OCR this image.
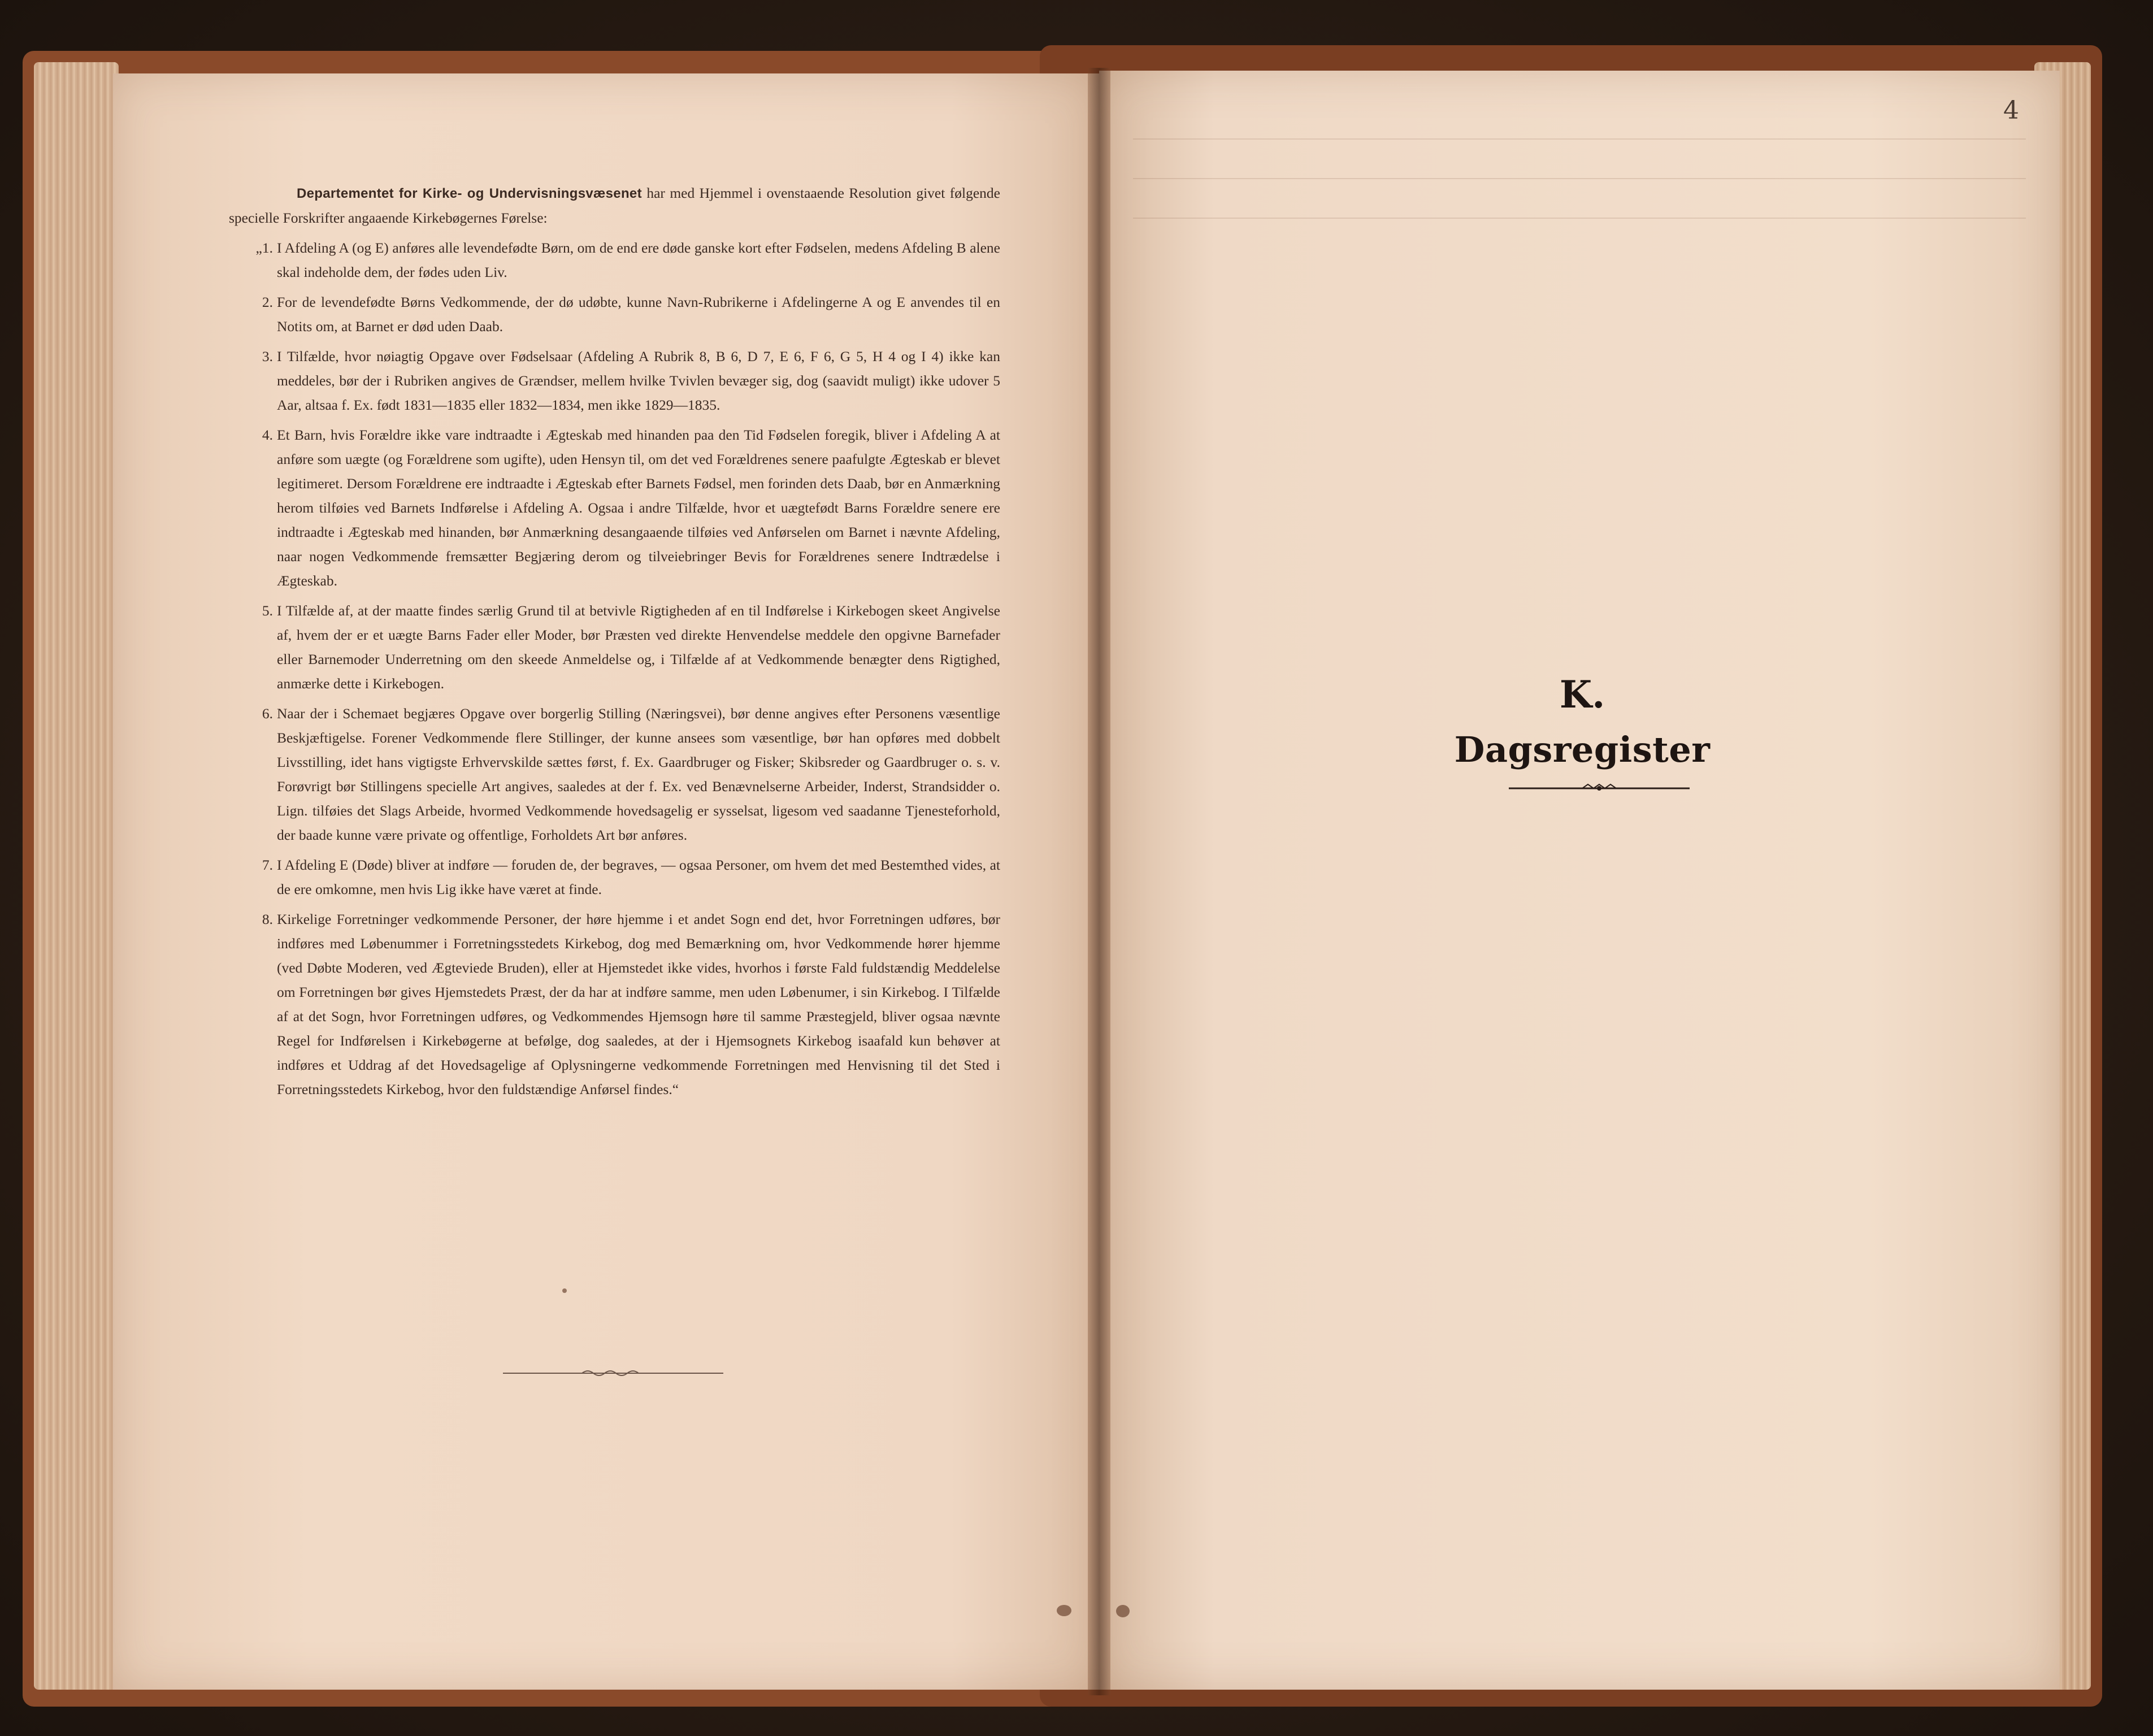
Departementet for Kirke- og Undervisningsvæsenet har med Hjemmel i ovenstaaende Resolution givet følgende specielle Forskrifter angaaende Kirkebøgernes Førelse:

„1. I Afdeling A (og E) anføres alle levendefødte Børn, om de end ere døde ganske kort efter Fødselen, medens Afdeling B alene skal indeholde dem, der fødes uden Liv.

2. For de levendefødte Børns Vedkommende, der dø udøbte, kunne Navn-Rubrikerne i Afdelingerne A og E anvendes til en Notits om, at Barnet er død uden Daab.

3. I Tilfælde, hvor nøiagtig Opgave over Fødselsaar (Afdeling A Rubrik 8, B 6, D 7, E 6, F 6, G 5, H 4 og I 4) ikke kan meddeles, bør der i Rubriken angives de Grændser, mellem hvilke Tvivlen bevæger sig, dog (saavidt muligt) ikke udover 5 Aar, altsaa f. Ex. født 1831—1835 eller 1832—1834, men ikke 1829—1835.

4. Et Barn, hvis Forældre ikke vare indtraadte i Ægteskab med hinanden paa den Tid Fødselen foregik, bliver i Afdeling A at anføre som uægte (og Forældrene som ugifte), uden Hensyn til, om det ved Forældrenes senere paafulgte Ægteskab er blevet legitimeret. Dersom Forældrene ere indtraadte i Ægteskab efter Barnets Fødsel, men forinden dets Daab, bør en Anmærkning herom tilføies ved Barnets Indførelse i Afdeling A. Ogsaa i andre Tilfælde, hvor et uægtefødt Barns Forældre senere ere indtraadte i Ægteskab med hinanden, bør Anmærkning desangaaende tilføies ved Anførselen om Barnet i nævnte Afdeling, naar nogen Vedkommende fremsætter Begjæring derom og tilveiebringer Bevis for Forældrenes senere Indtrædelse i Ægteskab.

5. I Tilfælde af, at der maatte findes særlig Grund til at betvivle Rigtigheden af en til Indførelse i Kirkebogen skeet Angivelse af, hvem der er et uægte Barns Fader eller Moder, bør Præsten ved direkte Henvendelse meddele den opgivne Barnefader eller Barnemoder Underretning om den skeede Anmeldelse og, i Tilfælde af at Vedkommende benægter dens Rigtighed, anmærke dette i Kirkebogen.

6. Naar der i Schemaet begjæres Opgave over borgerlig Stilling (Næringsvei), bør denne angives efter Personens væsentlige Beskjæftigelse. Forener Vedkommende flere Stillinger, der kunne ansees som væsentlige, bør han opføres med dobbelt Livsstilling, idet hans vigtigste Erhvervskilde sættes først, f. Ex. Gaardbruger og Fisker; Skibsreder og Gaardbruger o. s. v. Forøvrigt bør Stillingens specielle Art angives, saaledes at der f. Ex. ved Benævnelserne Arbeider, Inderst, Strandsidder o. Lign. tilføies det Slags Arbeide, hvormed Vedkommende hovedsagelig er sysselsat, ligesom ved saadanne Tjenesteforhold, der baade kunne være private og offentlige, Forholdets Art bør anføres.

7. I Afdeling E (Døde) bliver at indføre — foruden de, der begraves, — ogsaa Personer, om hvem det med Bestemthed vides, at de ere omkomne, men hvis Lig ikke have været at finde.

8. Kirkelige Forretninger vedkommende Personer, der høre hjemme i et andet Sogn end det, hvor Forretningen udføres, bør indføres med Løbenummer i Forretningsstedets Kirkebog, dog med Bemærkning om, hvor Vedkommende hører hjemme (ved Døbte Moderen, ved Ægteviede Bruden), eller at Hjemstedet ikke vides, hvorhos i første Fald fuldstændig Meddelelse om Forretningen bør gives Hjemstedets Præst, der da har at indføre samme, men uden Løbenumer, i sin Kirkebog. I Tilfælde af at det Sogn, hvor Forretningen udføres, og Vedkommendes Hjemsogn høre til samme Præstegjeld, bliver ogsaa nævnte Regel for Indførelsen i Kirkebøgerne at befølge, dog saaledes, at der i Hjemsognets Kirkebog isaafald kun behøver at indføres et Uddrag af det Hovedsagelige af Oplysningerne vedkommende Forretningen med Henvisning til det Sted i Forretningsstedets Kirkebog, hvor den fuldstændige Anførsel findes.“

4
K.
Dagsregister
